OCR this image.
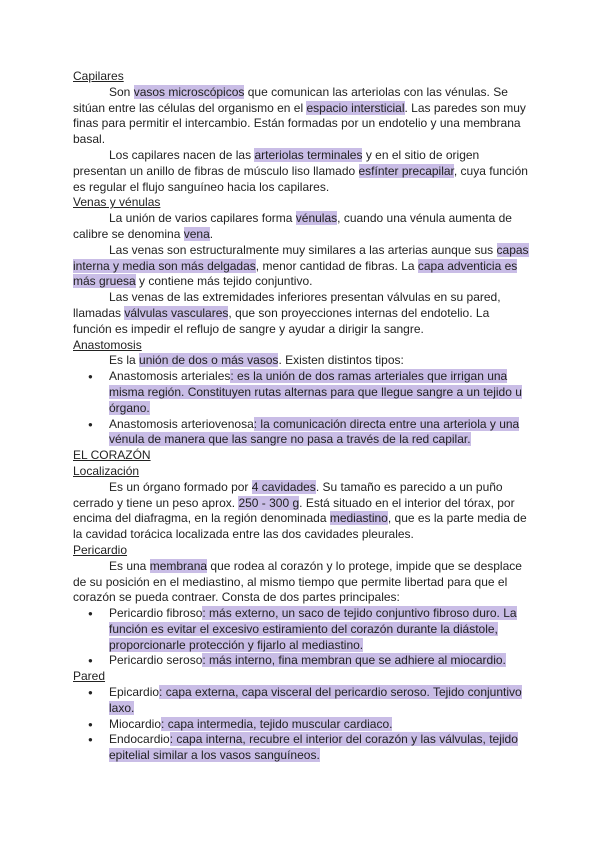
Capilares

Son vasos microscópicos que comunican las arteriolas con las vénulas. Se sitúan entre las células del organismo en el espacio intersticial. Las paredes son muy finas para permitir el intercambio. Están formadas por un endotelio y una membrana basal.

Los capilares nacen de las arteriolas terminales y en el sitio de origen presentan un anillo de fibras de músculo liso llamado esfínter precapilar, cuya función es regular el flujo sanguíneo hacia los capilares.

Venas y vénulas

La unión de varios capilares forma vénulas, cuando una vénula aumenta de calibre se denomina vena.

Las venas son estructuralmente muy similares a las arterias aunque sus capas interna y media son más delgadas, menor cantidad de fibras. La capa adventicia es más gruesa y contiene más tejido conjuntivo.

Las venas de las extremidades inferiores presentan válvulas en su pared, llamadas válvulas vasculares, que son proyecciones internas del endotelio. La función es impedir el reflujo de sangre y ayudar a dirigir la sangre.

Anastomosis

Es la unión de dos o más vasos. Existen distintos tipos:

● Anastomosis arteriales: es la unión de dos ramas arteriales que irrigan una misma región. Constituyen rutas alternas para que llegue sangre a un tejido u órgano.
● Anastomosis arteriovenosa: la comunicación directa entre una arteriola y una vénula de manera que las sangre no pasa a través de la red capilar.
EL CORAZÓN
Localización

Es un órgano formado por 4 cavidades. Su tamaño es parecido a un puño cerrado y tiene un peso aprox. 250 - 300 g. Está situado en el interior del tórax, por encima del diafragma, en la región denominada mediastino, que es la parte media de la cavidad torácica localizada entre las dos cavidades pleurales.

Pericardio

Es una membrana que rodea al corazón y lo protege, impide que se desplace de su posición en el mediastino, al mismo tiempo que permite libertad para que el corazón se pueda contraer. Consta de dos partes principales:

● Pericardio fibroso: más externo, un saco de tejido conjuntivo fibroso duro. La función es evitar el excesivo estiramiento del corazón durante la diástole, proporcionarle protección y fijarlo al mediastino.
● Pericardio seroso: más interno, fina membran que se adhiere al miocardio.
Pared
● Epicardio: capa externa, capa visceral del pericardio seroso. Tejido conjuntivo laxo.
● Miocardio: capa intermedia, tejido muscular cardiaco.
● Endocardio: capa interna, recubre el interior del corazón y las válvulas, tejido epitelial similar a los vasos sanguíneos.
